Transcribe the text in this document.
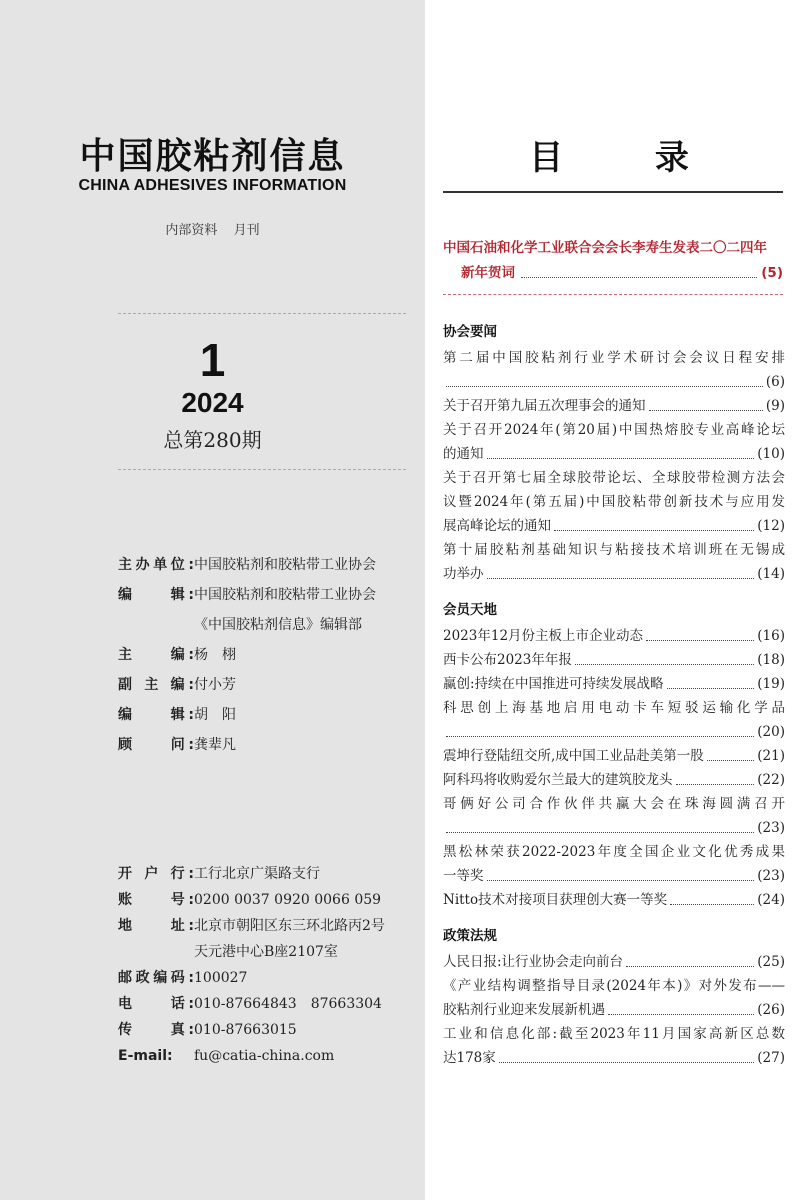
中国胶粘剂信息
CHINA ADHESIVES INFORMATION
内部资料 月刊
1
2024
总第280期
主办单位: 中国胶粘剂和胶粘带工业协会
编　　辑: 中国胶粘剂和胶粘带工业协会
《中国胶粘剂信息》编辑部
主　　编: 杨　栩
副 主 编: 付小芳
编　　辑: 胡　阳
顾　　问: 龚辈凡
开 户 行: 工行北京广渠路支行
账　　号: 0200 0037 0920 0066 059
地　　址: 北京市朝阳区东三环北路丙2号
天元港中心B座2107室
邮政编码: 100027
电　　话: 010-87664843　87663304
传　　真: 010-87663015
E-mail:	fu@catia-china.com
目 录
中国石油和化学工业联合会会长李寿生发表二〇二四年
新年贺词	(5)
协会要闻
第二届中国胶粘剂行业学术研讨会会议日程安排
(6)
关于召开第九届五次理事会的通知	(9)
关于召开2024年(第20届)中国热熔胶专业高峰论坛
的通知	(10)
关于召开第七届全球胶带论坛、全球胶带检测方法会
议暨2024年(第五届)中国胶粘带创新技术与应用发
展高峰论坛的通知	(12)
第十届胶粘剂基础知识与粘接技术培训班在无锡成
功举办	(14)
会员天地
2023年12月份主板上市企业动态	(16)
西卡公布2023年年报	(18)
赢创:持续在中国推进可持续发展战略	(19)
科思创上海基地启用电动卡车短驳运输化学品
(20)
震坤行登陆纽交所,成中国工业品赴美第一股	(21)
阿科玛将收购爱尔兰最大的建筑胶龙头	(22)
哥俩好公司合作伙伴共赢大会在珠海圆满召开
(23)
黑松林荣获2022-2023年度全国企业文化优秀成果
一等奖	(23)
Nitto技术对接项目获理创大赛一等奖	(24)
政策法规
人民日报:让行业协会走向前台	(25)
《产业结构调整指导目录(2024年本)》对外发布——
胶粘剂行业迎来发展新机遇	(26)
工业和信息化部:截至2023年11月国家高新区总数
达178家	(27)
